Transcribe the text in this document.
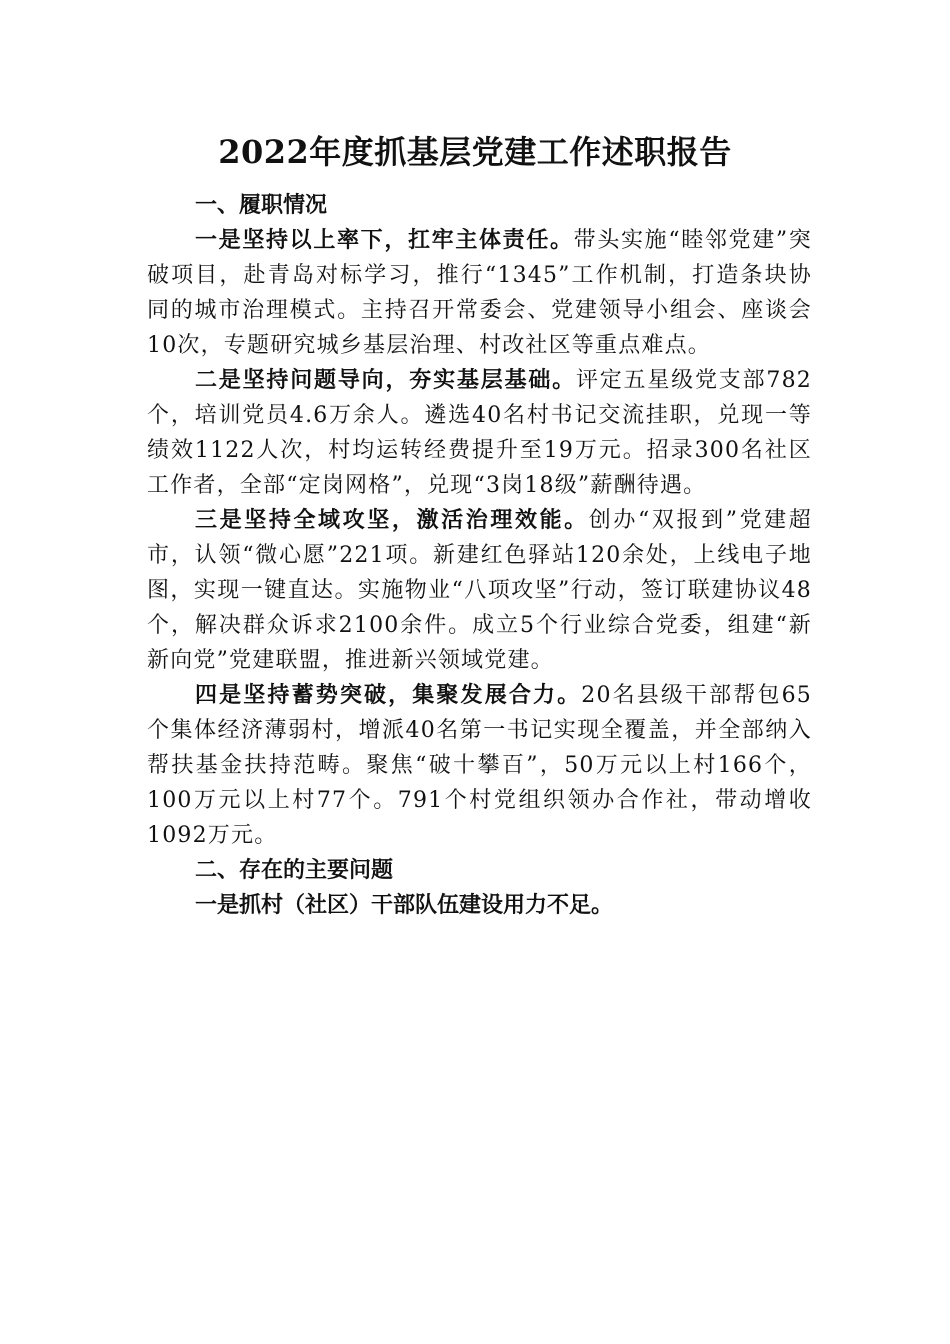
2022年度抓基层党建工作述职报告

一、履职情况

一是坚持以上率下，扛牢主体责任。带头实施“睦邻党建”突破项目，赴青岛对标学习，推行“1345”工作机制，打造条块协同的城市治理模式。主持召开常委会、党建领导小组会、座谈会10次，专题研究城乡基层治理、村改社区等重点难点。

二是坚持问题导向，夯实基层基础。评定五星级党支部782个，培训党员4.6万余人。遴选40名村书记交流挂职，兑现一等绩效1122人次，村均运转经费提升至19万元。招录300名社区工作者，全部“定岗网格”，兑现“3岗18级”薪酬待遇。

三是坚持全域攻坚，激活治理效能。创办“双报到”党建超市，认领“微心愿”221项。新建红色驿站120余处，上线电子地图，实现一键直达。实施物业“八项攻坚”行动，签订联建协议48个，解决群众诉求2100余件。成立5个行业综合党委，组建“新新向党”党建联盟，推进新兴领域党建。

四是坚持蓄势突破，集聚发展合力。20名县级干部帮包65个集体经济薄弱村，增派40名第一书记实现全覆盖，并全部纳入帮扶基金扶持范畴。聚焦“破十攀百”，50万元以上村166个，100万元以上村77个。791个村党组织领办合作社，带动增收1092万元。

二、存在的主要问题

一是抓村（社区）干部队伍建设用力不足。
